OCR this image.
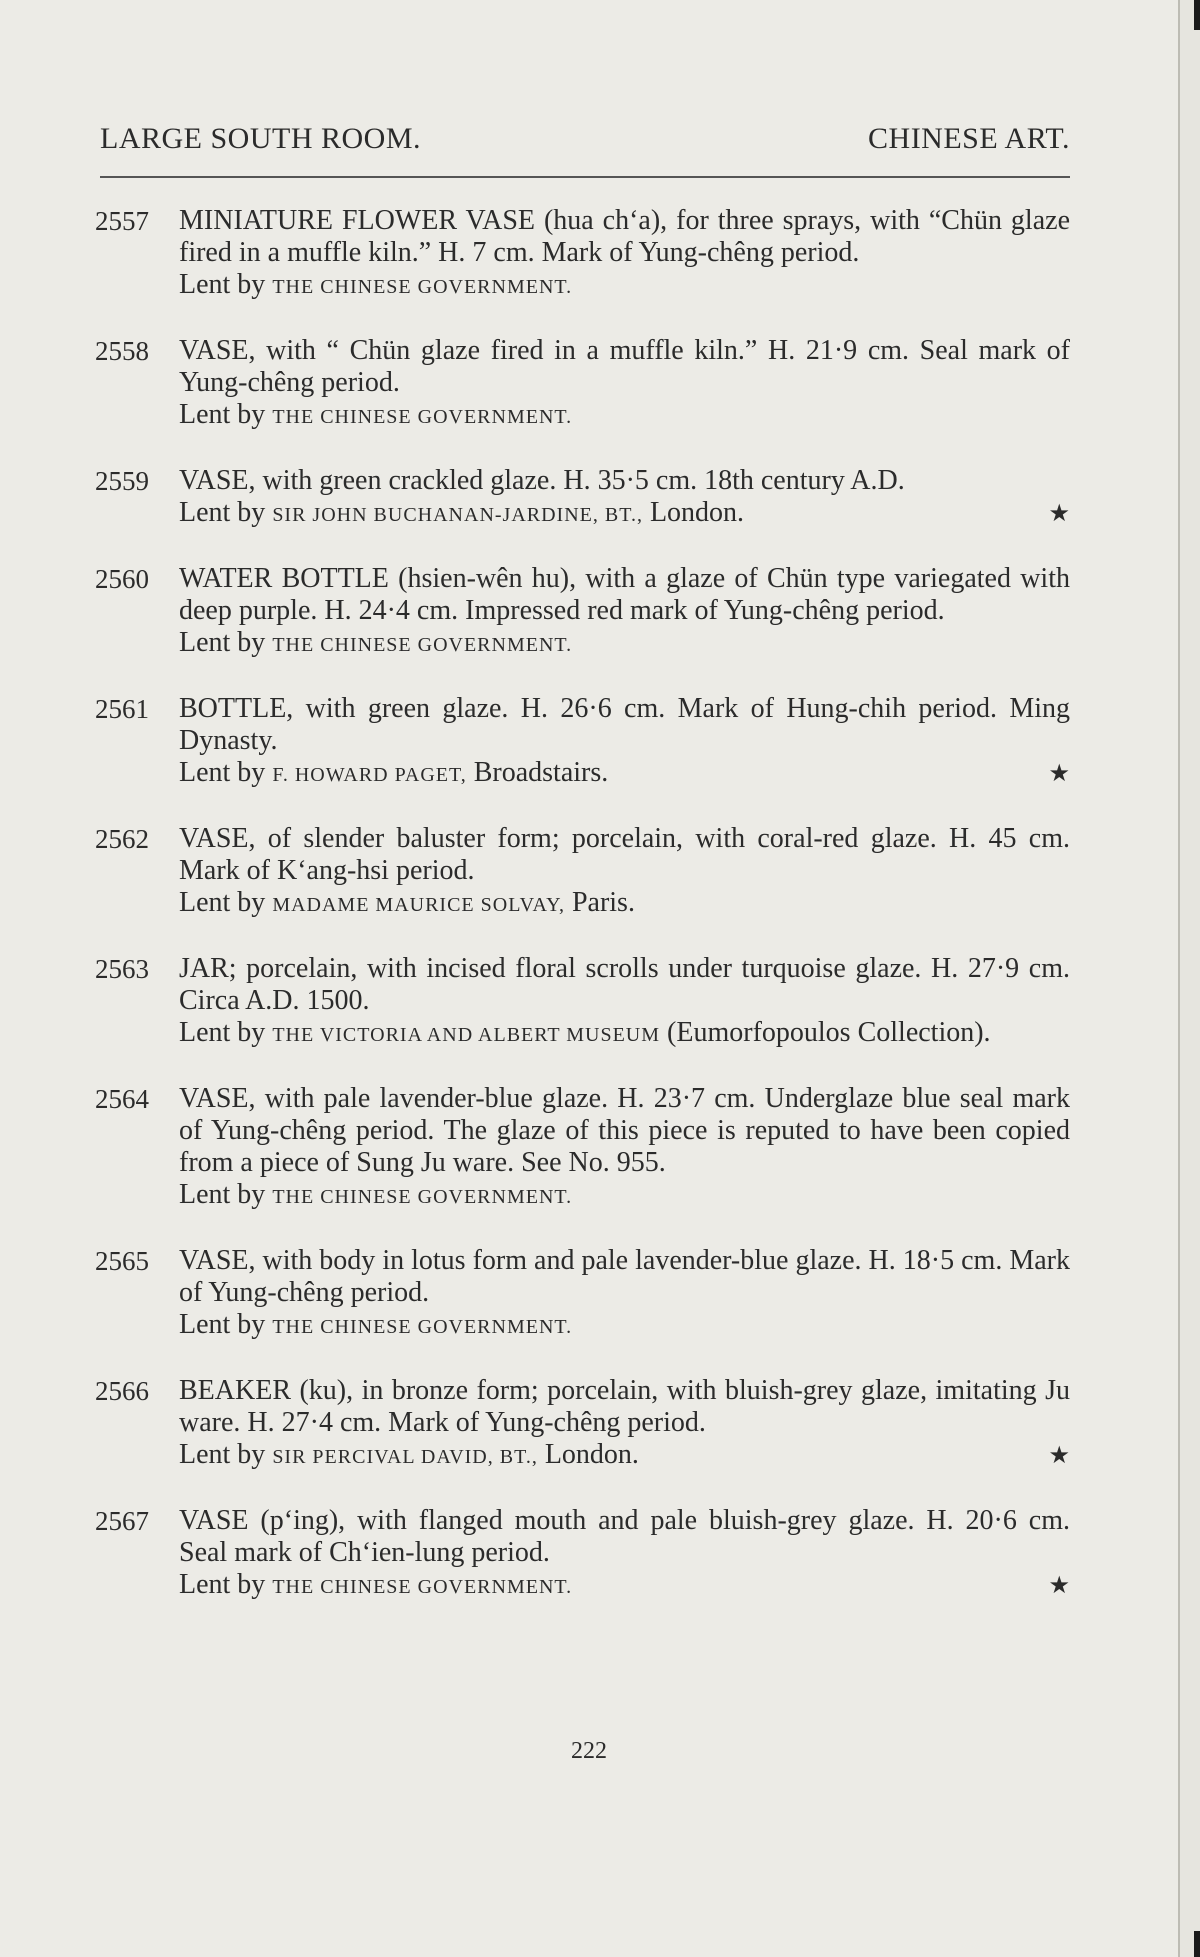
LARGE SOUTH ROOM.	CHINESE ART.
2557 MINIATURE FLOWER VASE (hua ch‘a), for three sprays, with “Chün glaze fired in a muffle kiln.” H. 7 cm. Mark of Yung-chêng period.
Lent by THE CHINESE GOVERNMENT.
2558 VASE, with “ Chün glaze fired in a muffle kiln.” H. 21·9 cm. Seal mark of Yung-chêng period.
Lent by THE CHINESE GOVERNMENT.
2559 VASE, with green crackled glaze. H. 35·5 cm. 18th century A.D.
Lent by SIR JOHN BUCHANAN-JARDINE, BT., London.	★
2560 WATER BOTTLE (hsien-wên hu), with a glaze of Chün type variegated with deep purple. H. 24·4 cm. Impressed red mark of Yung-chêng period.
Lent by THE CHINESE GOVERNMENT.
2561 BOTTLE, with green glaze. H. 26·6 cm. Mark of Hung-chih period. Ming Dynasty.
Lent by F. HOWARD PAGET, Broadstairs.	★
2562 VASE, of slender baluster form; porcelain, with coral-red glaze. H. 45 cm. Mark of K‘ang-hsi period.
Lent by MADAME MAURICE SOLVAY, Paris.
2563 JAR; porcelain, with incised floral scrolls under turquoise glaze. H. 27·9 cm. Circa A.D. 1500.
Lent by THE VICTORIA AND ALBERT MUSEUM (Eumorfopoulos Collection).
2564 VASE, with pale lavender-blue glaze. H. 23·7 cm. Underglaze blue seal mark of Yung-chêng period. The glaze of this piece is reputed to have been copied from a piece of Sung Ju ware. See No. 955.
Lent by THE CHINESE GOVERNMENT.
2565 VASE, with body in lotus form and pale lavender-blue glaze. H. 18·5 cm. Mark of Yung-chêng period.
Lent by THE CHINESE GOVERNMENT.
2566 BEAKER (ku), in bronze form; porcelain, with bluish-grey glaze, imitating Ju ware. H. 27·4 cm. Mark of Yung-chêng period.
Lent by SIR PERCIVAL DAVID, BT., London.	★
2567 VASE (p‘ing), with flanged mouth and pale bluish-grey glaze. H. 20·6 cm. Seal mark of Ch‘ien-lung period.
Lent by THE CHINESE GOVERNMENT.	★
222
